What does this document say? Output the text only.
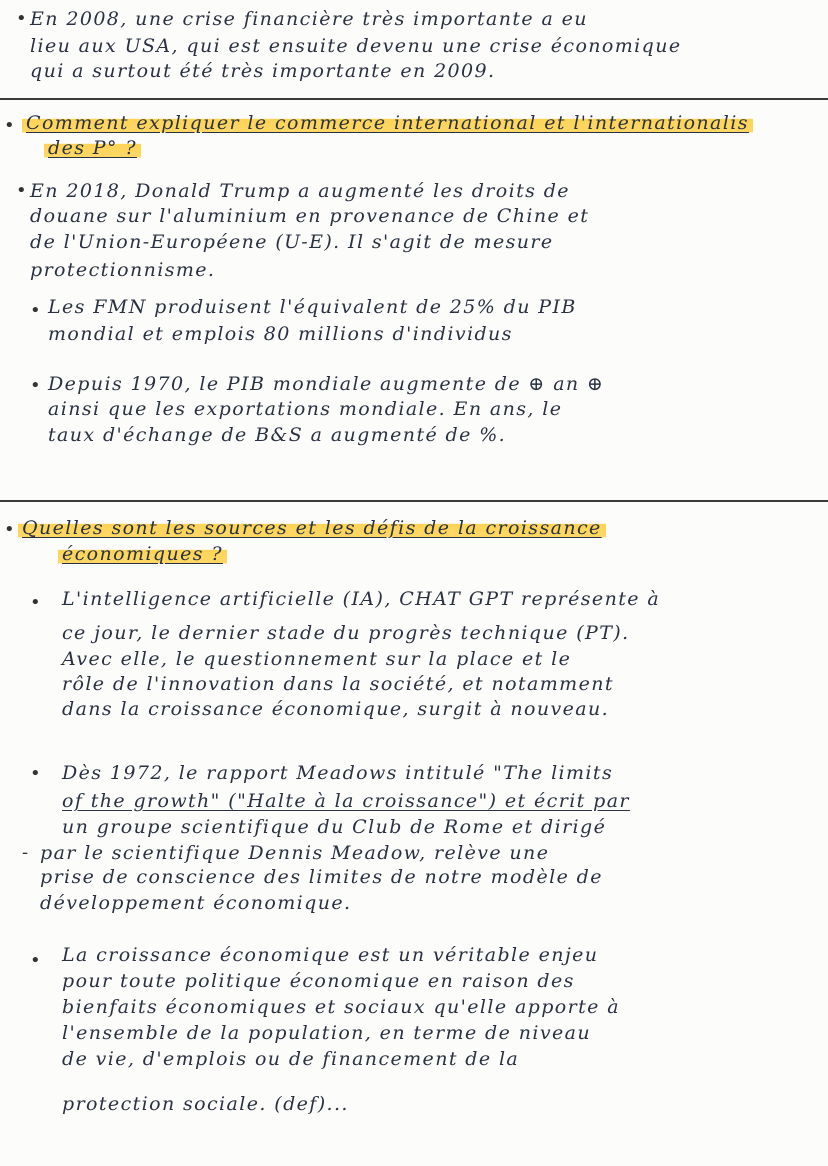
• En 2008, une crise financière très importante a eu
lieu aux USA, qui est ensuite devenu une crise économique
qui a surtout été très importante en 2009.
• Comment expliquer le commerce international et l'internationalis
des P° ?
• En 2018, Donald Trump a augmenté les droits de
douane sur l'aluminium en provenance de Chine et
de l'Union-Européene (U-E). Il s'agit de mesure
protectionnisme.
• Les FMN produisent l'équivalent de 25% du PIB
mondial et emplois 80 millions d'individus
• Depuis 1970, le PIB mondiale augmente de ⊕ an ⊕
ainsi que les exportations mondiale. En ans, le
taux d'échange de B&S a augmenté de %.
• Quelles sont les sources et les défis de la croissance
économiques ?
• L'intelligence artificielle (IA), CHAT GPT représente à
ce jour, le dernier stade du progrès technique (PT).
Avec elle, le questionnement sur la place et le
rôle de l'innovation dans la société, et notamment
dans la croissance économique, surgit à nouveau.
• Dès 1972, le rapport Meadows intitulé "The limits
of the growth" ("Halte à la croissance") et écrit par
un groupe scientifique du Club de Rome et dirigé
- par le scientifique Dennis Meadow, relève une
prise de conscience des limites de notre modèle de
développement économique.
• La croissance économique est un véritable enjeu
pour toute politique économique en raison des
bienfaits économiques et sociaux qu'elle apporte à
l'ensemble de la population, en terme de niveau
de vie, d'emplois ou de financement de la
protection sociale. (def)...
